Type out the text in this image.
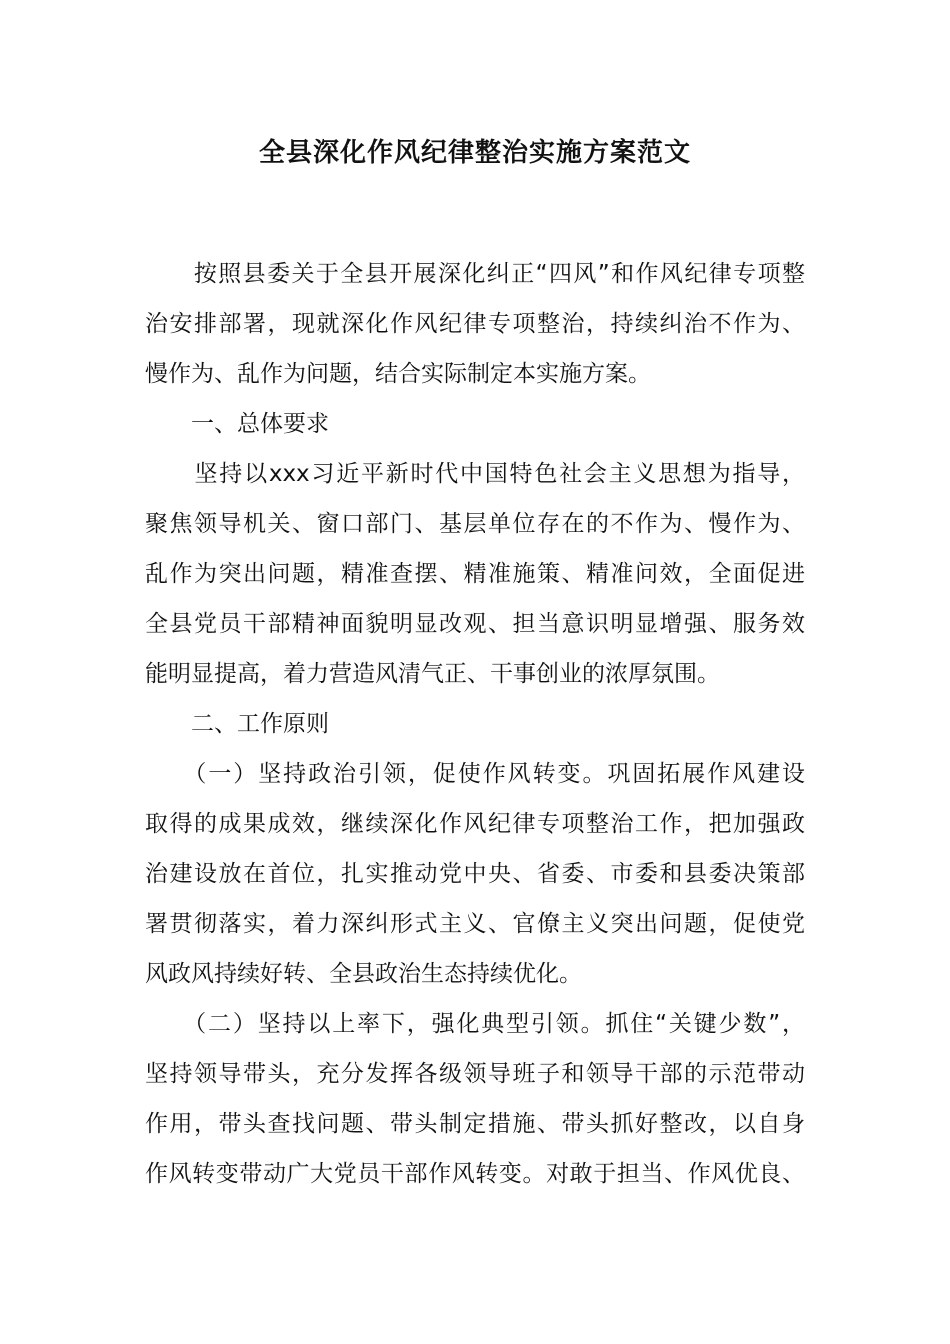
全县深化作风纪律整治实施方案范文
　　按照县委关于全县开展深化纠正“四风”和作风纪律专项整
治安排部署，现就深化作风纪律专项整治，持续纠治不作为、
慢作为、乱作为问题，结合实际制定本实施方案。
　　一、总体要求
　　坚持以xxx习近平新时代中国特色社会主义思想为指导，
聚焦领导机关、窗口部门、基层单位存在的不作为、慢作为、
乱作为突出问题，精准查摆、精准施策、精准问效，全面促进
全县党员干部精神面貌明显改观、担当意识明显增强、服务效
能明显提高，着力营造风清气正、干事创业的浓厚氛围。
　　二、工作原则
　　（一）坚持政治引领，促使作风转变。巩固拓展作风建设
取得的成果成效，继续深化作风纪律专项整治工作，把加强政
治建设放在首位，扎实推动党中央、省委、市委和县委决策部
署贯彻落实，着力深纠形式主义、官僚主义突出问题，促使党
风政风持续好转、全县政治生态持续优化。
　　（二）坚持以上率下，强化典型引领。抓住“关键少数”，
坚持领导带头，充分发挥各级领导班子和领导干部的示范带动
作用，带头查找问题、带头制定措施、带头抓好整改，以自身
作风转变带动广大党员干部作风转变。对敢于担当、作风优良、
